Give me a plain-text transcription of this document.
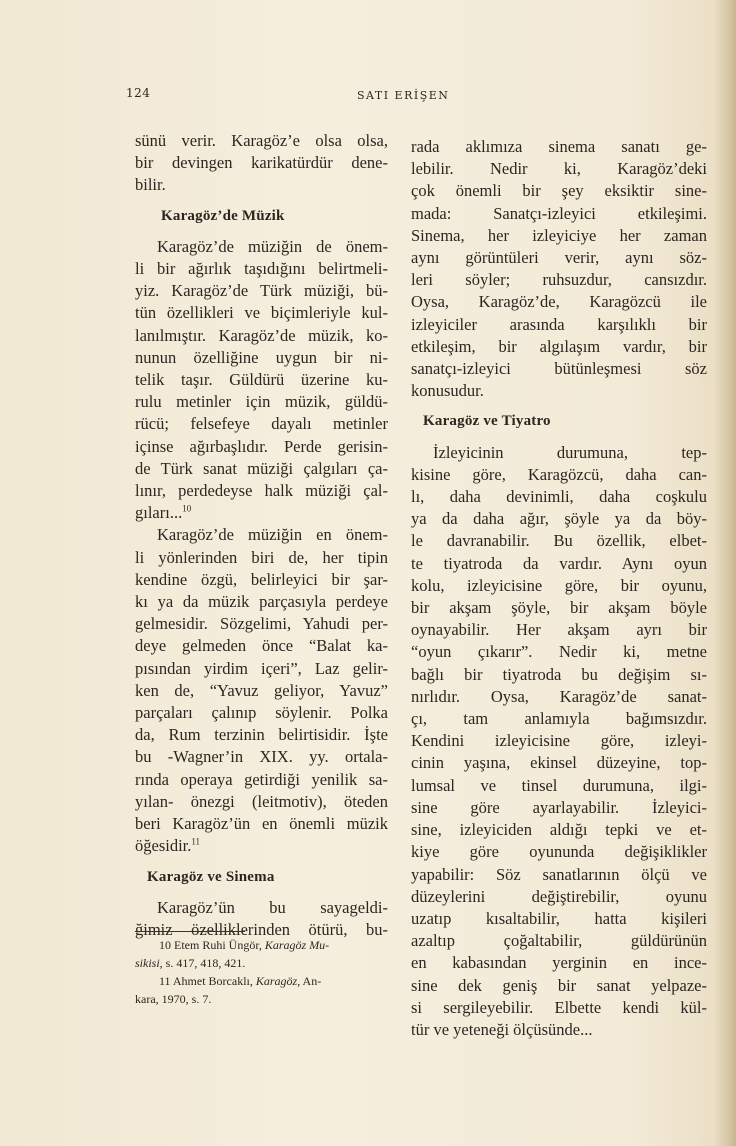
124	SATI ERİŞEN

sünü verir. Karagöz’e olsa olsa,
bir devingen karikatürdür dene-
bilir.

Karagöz’de Müzik

Karagöz’de müziğin de önem-
li bir ağırlık taşıdığını belirtmeli-
yiz. Karagöz’de Türk müziği, bü-
tün özellikleri ve biçimleriyle kul-
lanılmıştır. Karagöz’de müzik, ko-
nunun özelliğine uygun bir ni-
telik taşır. Güldürü üzerine ku-
rulu metinler için müzik, güldü-
rücü; felsefeye dayalı metinler
içinse ağırbaşlıdır. Perde gerisin-
de Türk sanat müziği çalgıları ça-
lınır, perdedeyse halk müziği çal-
gıları...$^{10}$

Karagöz’de müziğin en önem-
li yönlerinden biri de, her tipin
kendine özgü, belirleyici bir şar-
kı ya da müzik parçasıyla perdeye
gelmesidir. Sözgelimi, Yahudi per-
deye gelmeden önce “Balat ka-
pısından yirdim içeri”, Laz gelir-
ken de, “Yavuz geliyor, Yavuz”
parçaları çalınıp söylenir. Polka
da, Rum terzinin belirtisidir. İşte
bu -Wagner’in XIX. yy. ortala-
rında operaya getirdiği yenilik sa-
yılan- önezgi (leitmotiv), öteden
beri Karagöz’ün en önemli müzik
öğesidir.$^{11}$

Karagöz ve Sinema

Karagöz’ün bu sayageldi-
ğimiz özelliklerinden ötürü, bu-

10 Etem Ruhi Üngör, Karagöz Mu-
sikisi, s. 417, 418, 421.
11 Ahmet Borcaklı, Karagöz, An-
kara, 1970, s. 7.

rada aklımıza sinema sanatı ge-
lebilir. Nedir ki, Karagöz’deki
çok önemli bir şey eksiktir sine-
mada: Sanatçı-izleyici etkileşimi.
Sinema, her izleyiciye her zaman
aynı görüntüleri verir, aynı söz-
leri söyler; ruhsuzdur, cansızdır.
Oysa, Karagöz’de, Karagözcü ile
izleyiciler arasında karşılıklı bir
etkileşim, bir algılaşım vardır, bir
sanatçı-izleyici bütünleşmesi söz
konusudur.

Karagöz ve Tiyatro

İzleyicinin durumuna, tep-
kisine göre, Karagözcü, daha can-
lı, daha devinimli, daha coşkulu
ya da daha ağır, şöyle ya da böy-
le davranabilir. Bu özellik, elbet-
te tiyatroda da vardır. Aynı oyun
kolu, izleyicisine göre, bir oyunu,
bir akşam şöyle, bir akşam böyle
oynayabilir. Her akşam ayrı bir
“oyun çıkarır”. Nedir ki, metne
bağlı bir tiyatroda bu değişim sı-
nırlıdır. Oysa, Karagöz’de sanat-
çı, tam anlamıyla bağımsızdır.
Kendini izleyicisine göre, izleyi-
cinin yaşına, ekinsel düzeyine, top-
lumsal ve tinsel durumuna, ilgi-
sine göre ayarlayabilir. İzleyici-
sine, izleyiciden aldığı tepki ve et-
kiye göre oyununda değişiklikler
yapabilir: Söz sanatlarının ölçü ve
düzeylerini değiştirebilir, oyunu
uzatıp kısaltabilir, hatta kişileri
azaltıp çoğaltabilir, güldürünün
en kabasından yerginin en ince-
sine dek geniş bir sanat yelpaze-
si sergileyebilir. Elbette kendi kül-
tür ve yeteneği ölçüsünde...
